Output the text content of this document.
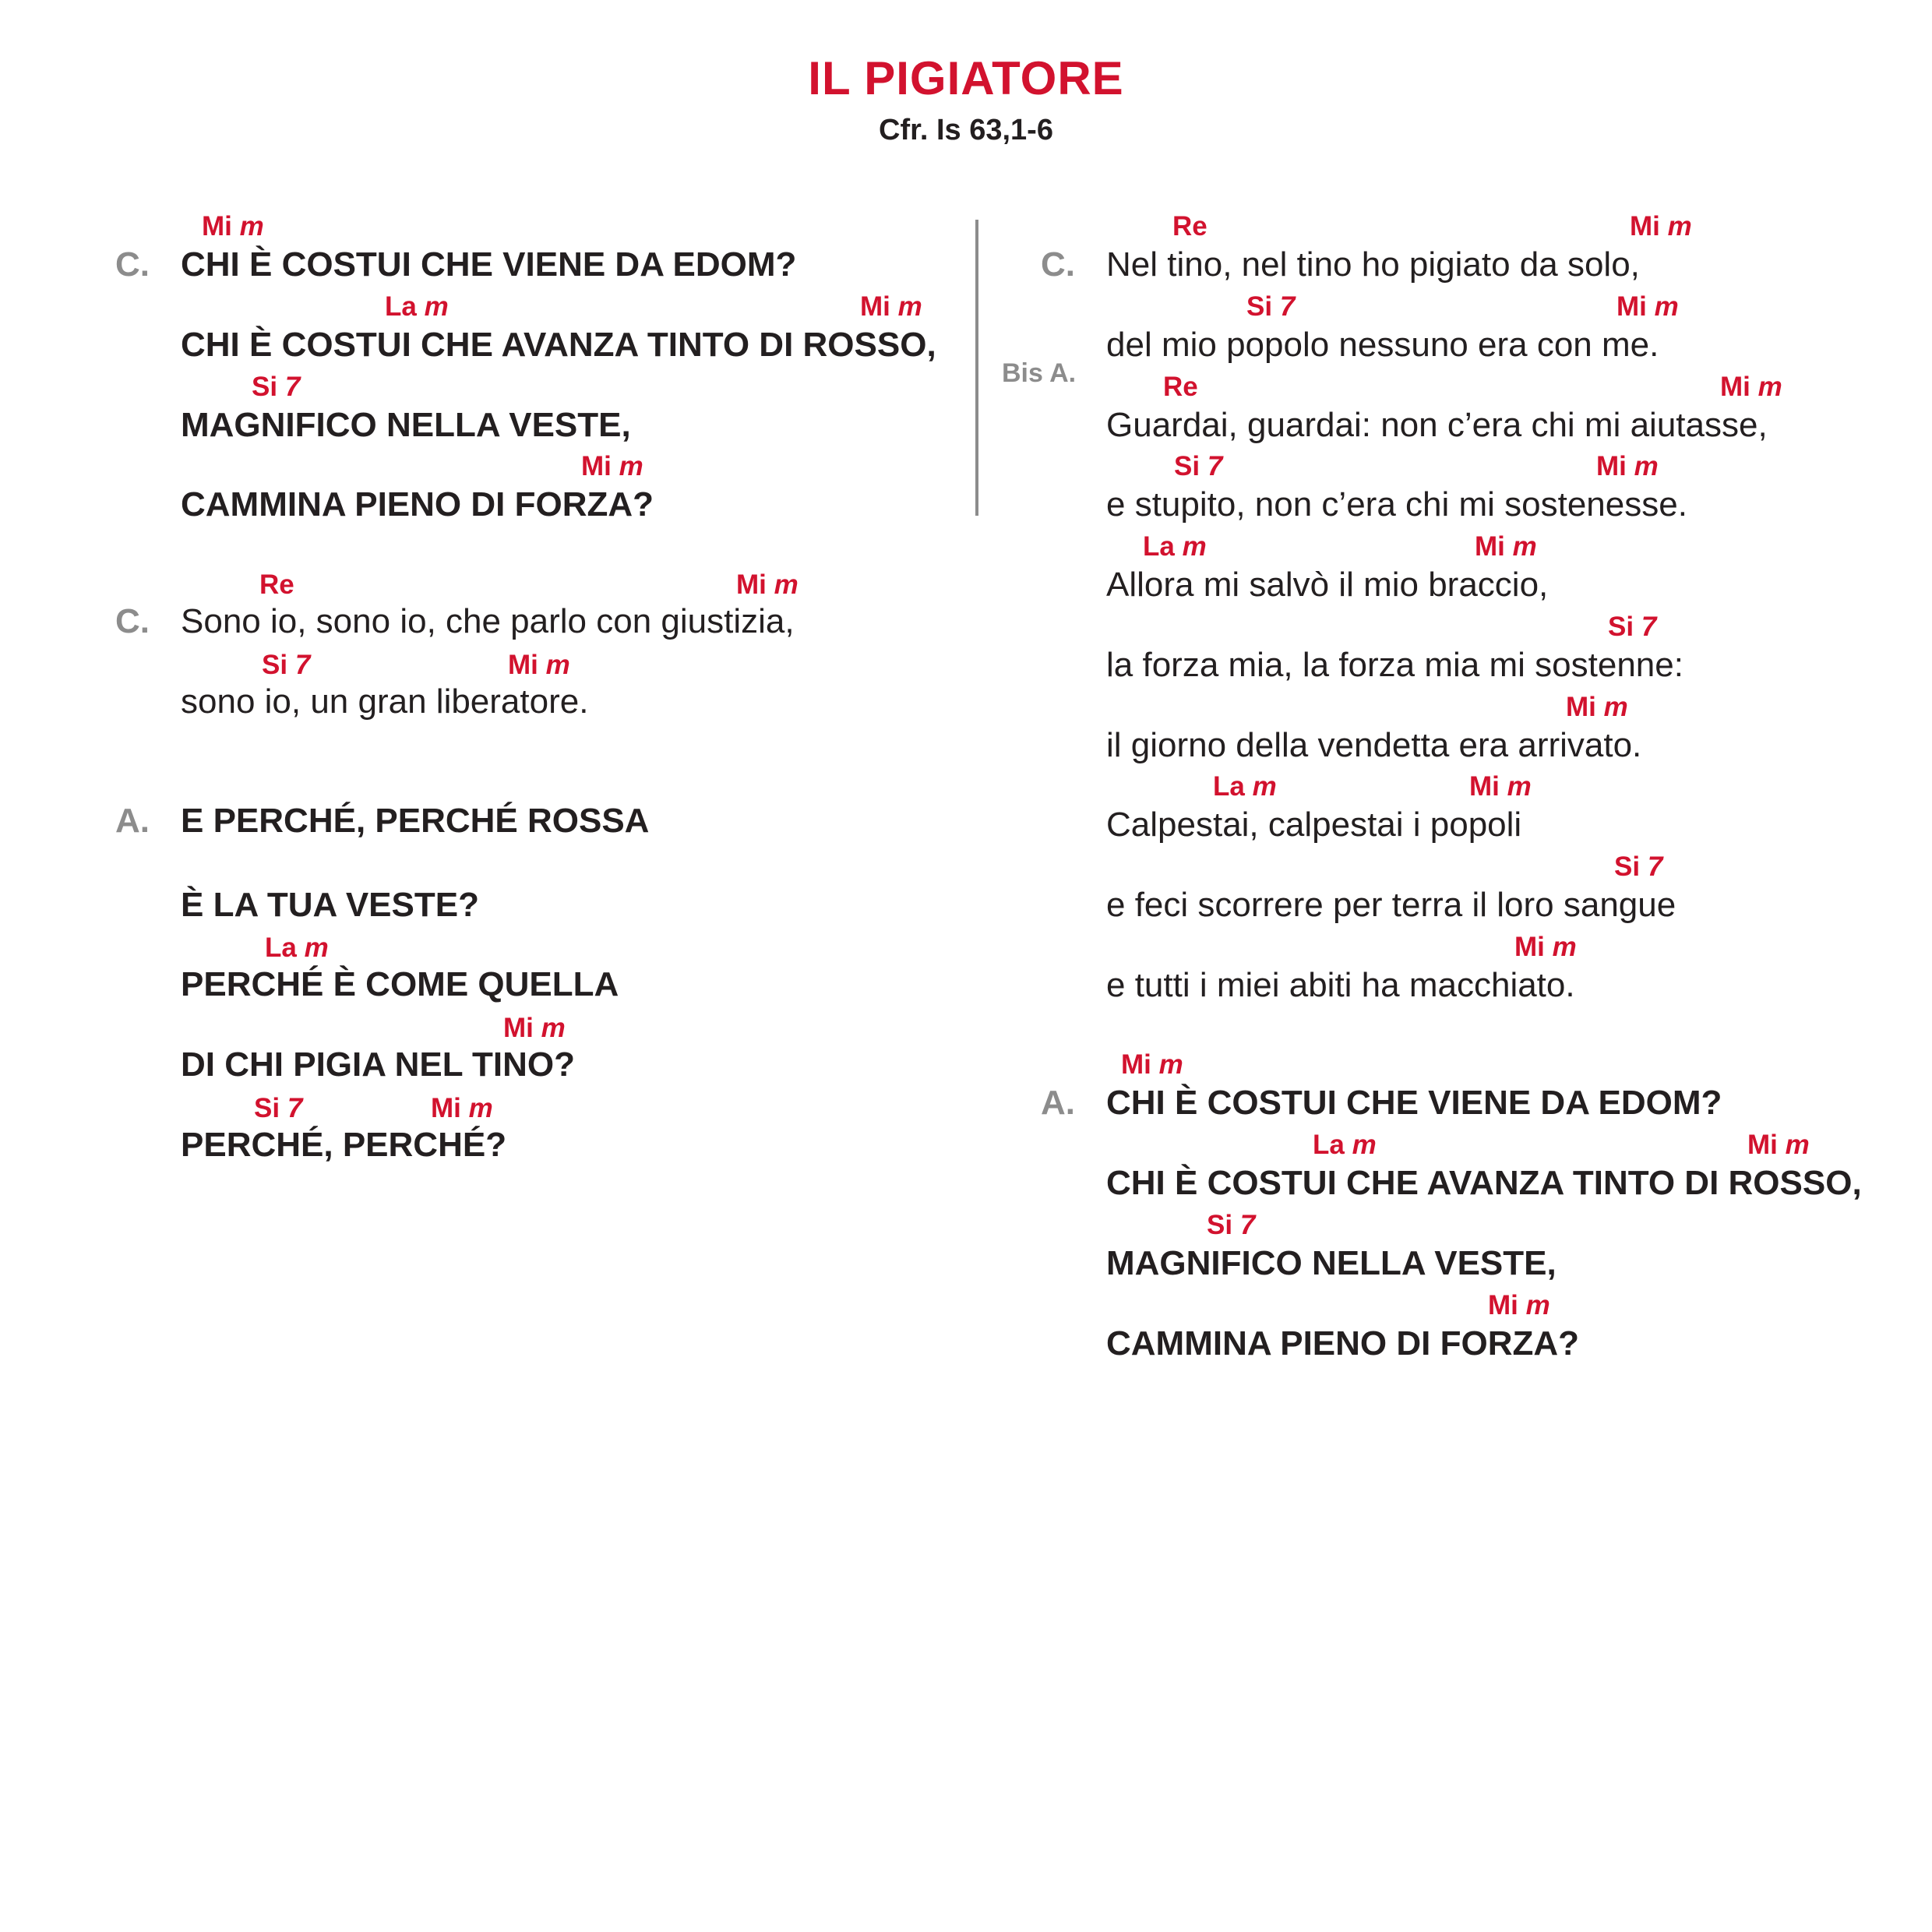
IL PIGIATORE
Cfr. Is 63,1-6
C.
C.
A.
C.
Bis A.
A.
CHI È COSTUI CHE VIENE DA EDOM?
CHI È COSTUI CHE AVANZA TINTO DI ROSSO,
MAGNIFICO NELLA VESTE,
CAMMINA PIENO DI FORZA?
Mi m
La m	Mi m
Si 7
Mi m
Sono io, sono io, che parlo con giustizia,
sono io, un gran liberatore.
Re	Mi m
Si 7	Mi m
E PERCHÉ, PERCHÉ ROSSA
È LA TUA VESTE?
PERCHÉ È COME QUELLA
DI CHI PIGIA NEL TINO?
PERCHÉ, PERCHÉ?
La m
Mi m
Si 7	Mi m
Nel tino, nel tino ho pigiato da solo,
del mio popolo nessuno era con me.
Guardai, guardai: non c’era chi mi aiutasse,
e stupito, non c’era chi mi sostenesse.
Allora mi salvò il mio braccio,
la forza mia, la forza mia mi sostenne:
il giorno della vendetta era arrivato.
Calpestai, calpestai i popoli
e feci scorrere per terra il loro sangue
e tutti i miei abiti ha macchiato.
Re	Mi m
Si 7	Mi m
Re	Mi m
Si 7	Mi m
La m	Mi m
Si 7
Mi m
La m	Mi m
Si 7
Mi m
CHI È COSTUI CHE VIENE DA EDOM?
CHI È COSTUI CHE AVANZA TINTO DI ROSSO,
MAGNIFICO NELLA VESTE,
CAMMINA PIENO DI FORZA?
Mi m
La m	Mi m
Si 7
Mi m
